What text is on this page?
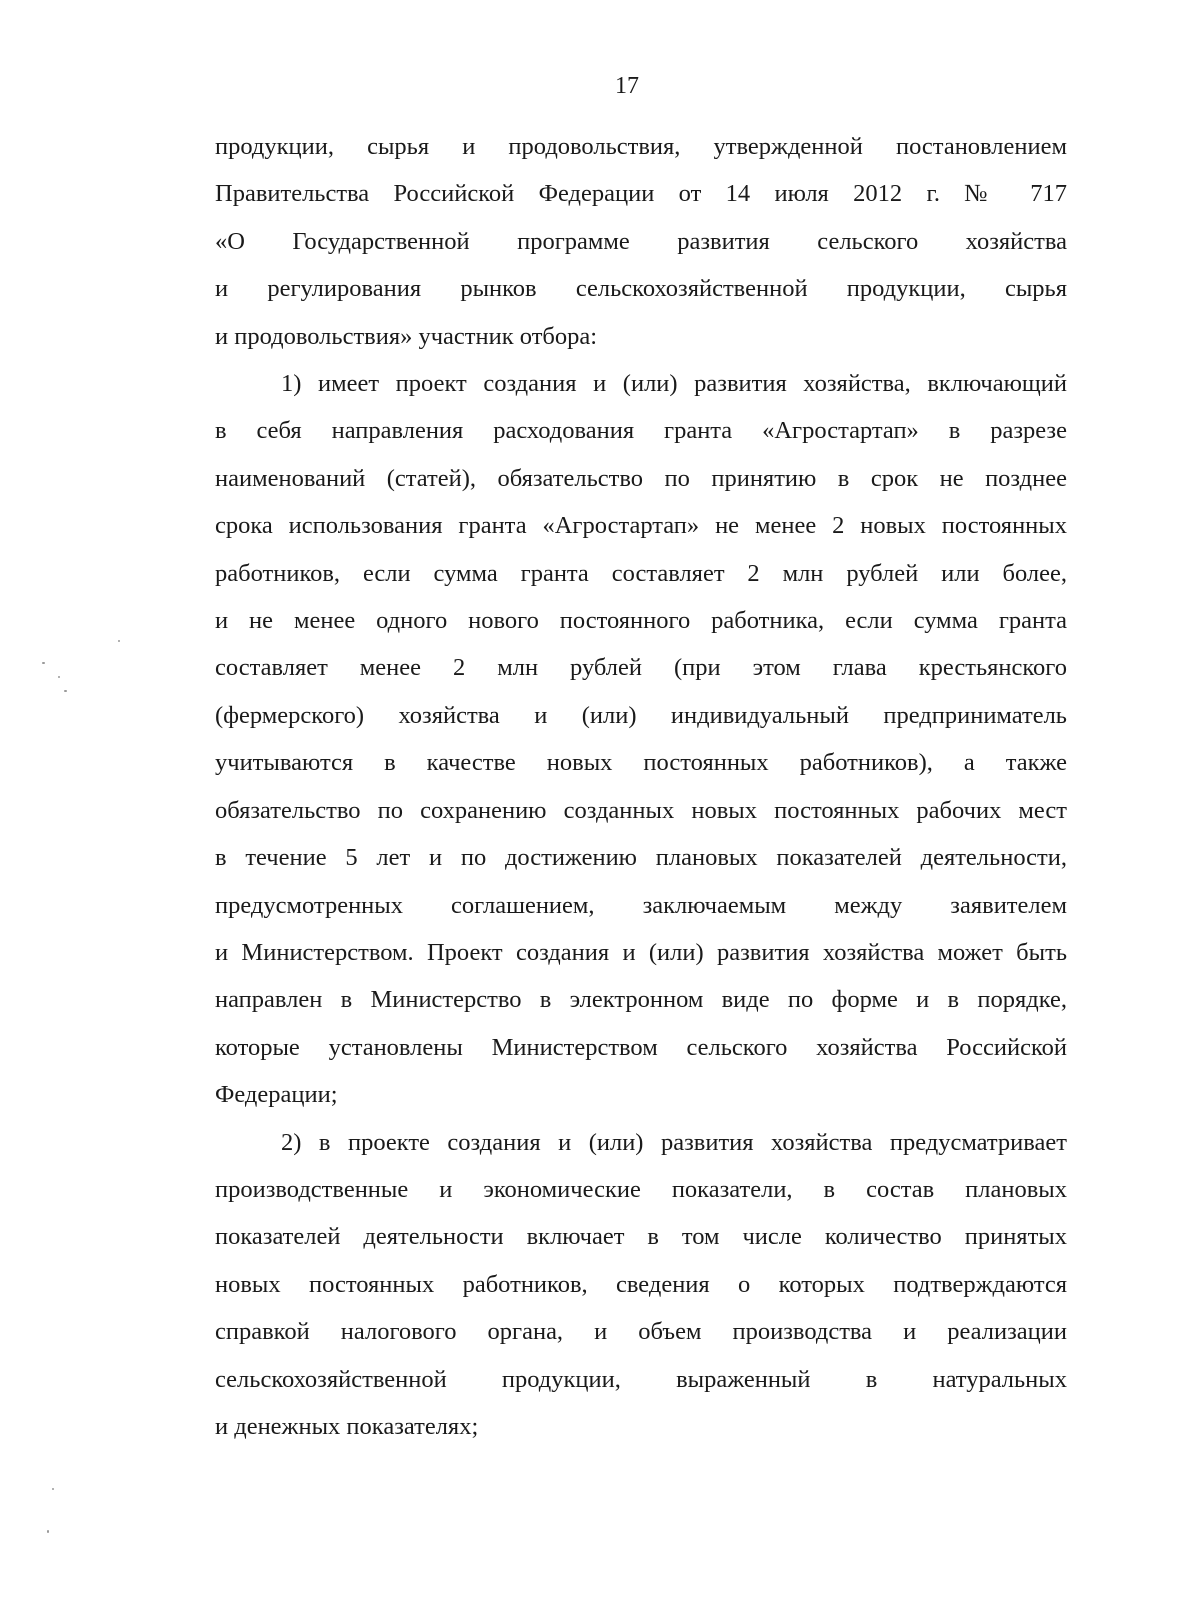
17

продукции, сырья и продовольствия, утвержденной постановлением
Правительства Российской Федерации от 14 июля 2012 г. № 717
«О Государственной программе развития сельского хозяйства
и регулирования рынков сельскохозяйственной продукции, сырья
и продовольствия» участник отбора:

1) имеет проект создания и (или) развития хозяйства, включающий
в себя направления расходования гранта «Агростартап» в разрезе
наименований (статей), обязательство по принятию в срок не позднее
срока использования гранта «Агростартап» не менее 2 новых постоянных
работников, если сумма гранта составляет 2 млн рублей или более,
и не менее одного нового постоянного работника, если сумма гранта
составляет менее 2 млн рублей (при этом глава крестьянского
(фермерского) хозяйства и (или) индивидуальный предприниматель
учитываются в качестве новых постоянных работников), а также
обязательство по сохранению созданных новых постоянных рабочих мест
в течение 5 лет и по достижению плановых показателей деятельности,
предусмотренных соглашением, заключаемым между заявителем
и Министерством. Проект создания и (или) развития хозяйства может быть
направлен в Министерство в электронном виде по форме и в порядке,
которые установлены Министерством сельского хозяйства Российской
Федерации;

2) в проекте создания и (или) развития хозяйства предусматривает
производственные и экономические показатели, в состав плановых
показателей деятельности включает в том числе количество принятых
новых постоянных работников, сведения о которых подтверждаются
справкой налогового органа, и объем производства и реализации
сельскохозяйственной продукции, выраженный в натуральных
и денежных показателях;
